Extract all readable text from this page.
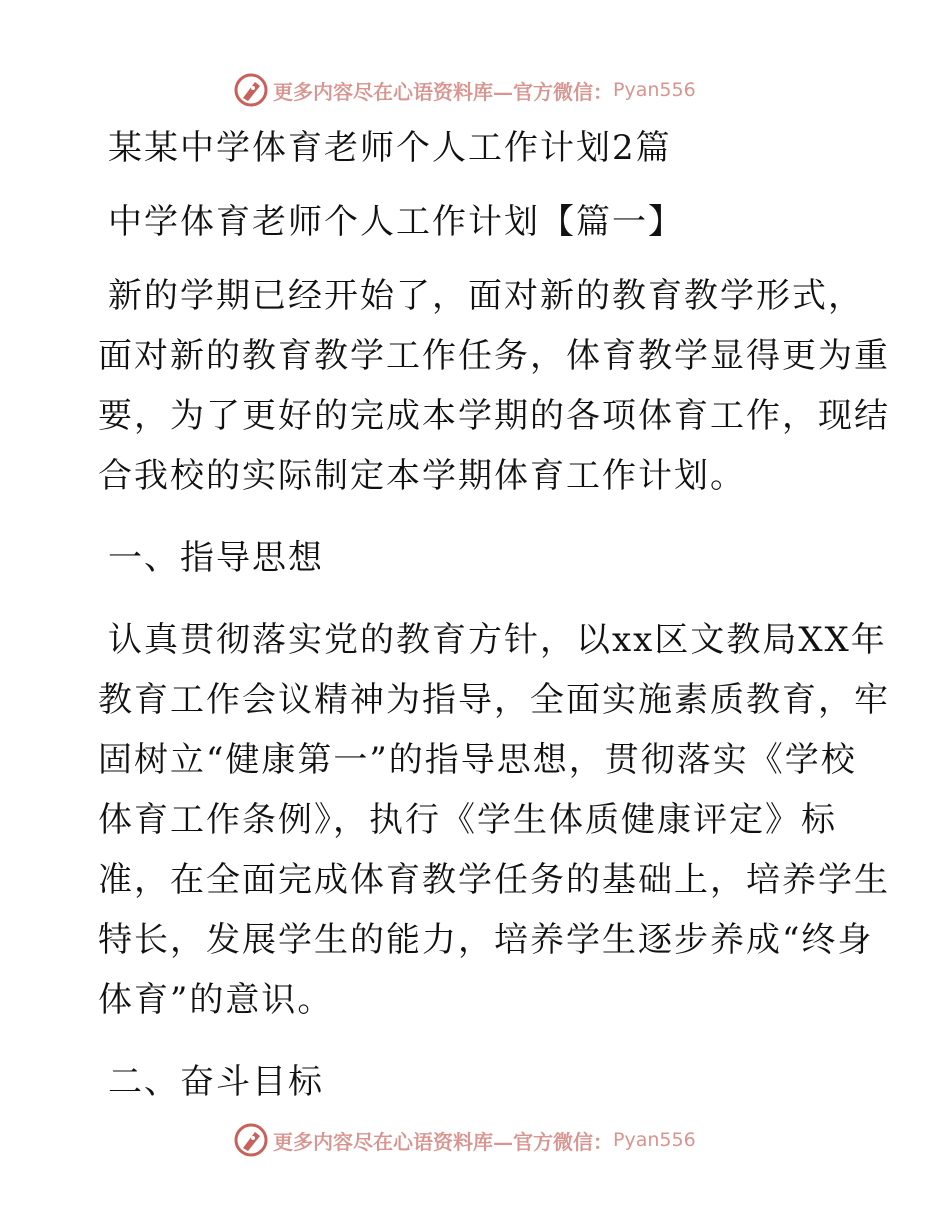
更多内容尽在心语资料库—官方微信： Pyan556
某某中学体育老师个人工作计划2篇
中学体育老师个人工作计划【篇一】
新的学期已经开始了，面对新的教育教学形式，
面对新的教育教学工作任务，体育教学显得更为重
要，为了更好的完成本学期的各项体育工作，现结
合我校的实际制定本学期体育工作计划。
一、指导思想
认真贯彻落实党的教育方针，以xx区文教局XX年
教育工作会议精神为指导，全面实施素质教育，牢
固树立“健康第一”的指导思想，贯彻落实《学校
体育工作条例》，执行《学生体质健康评定》标
准，在全面完成体育教学任务的基础上，培养学生
特长，发展学生的能力，培养学生逐步养成“终身
体育”的意识。
二、奋斗目标
更多内容尽在心语资料库—官方微信： Pyan556
